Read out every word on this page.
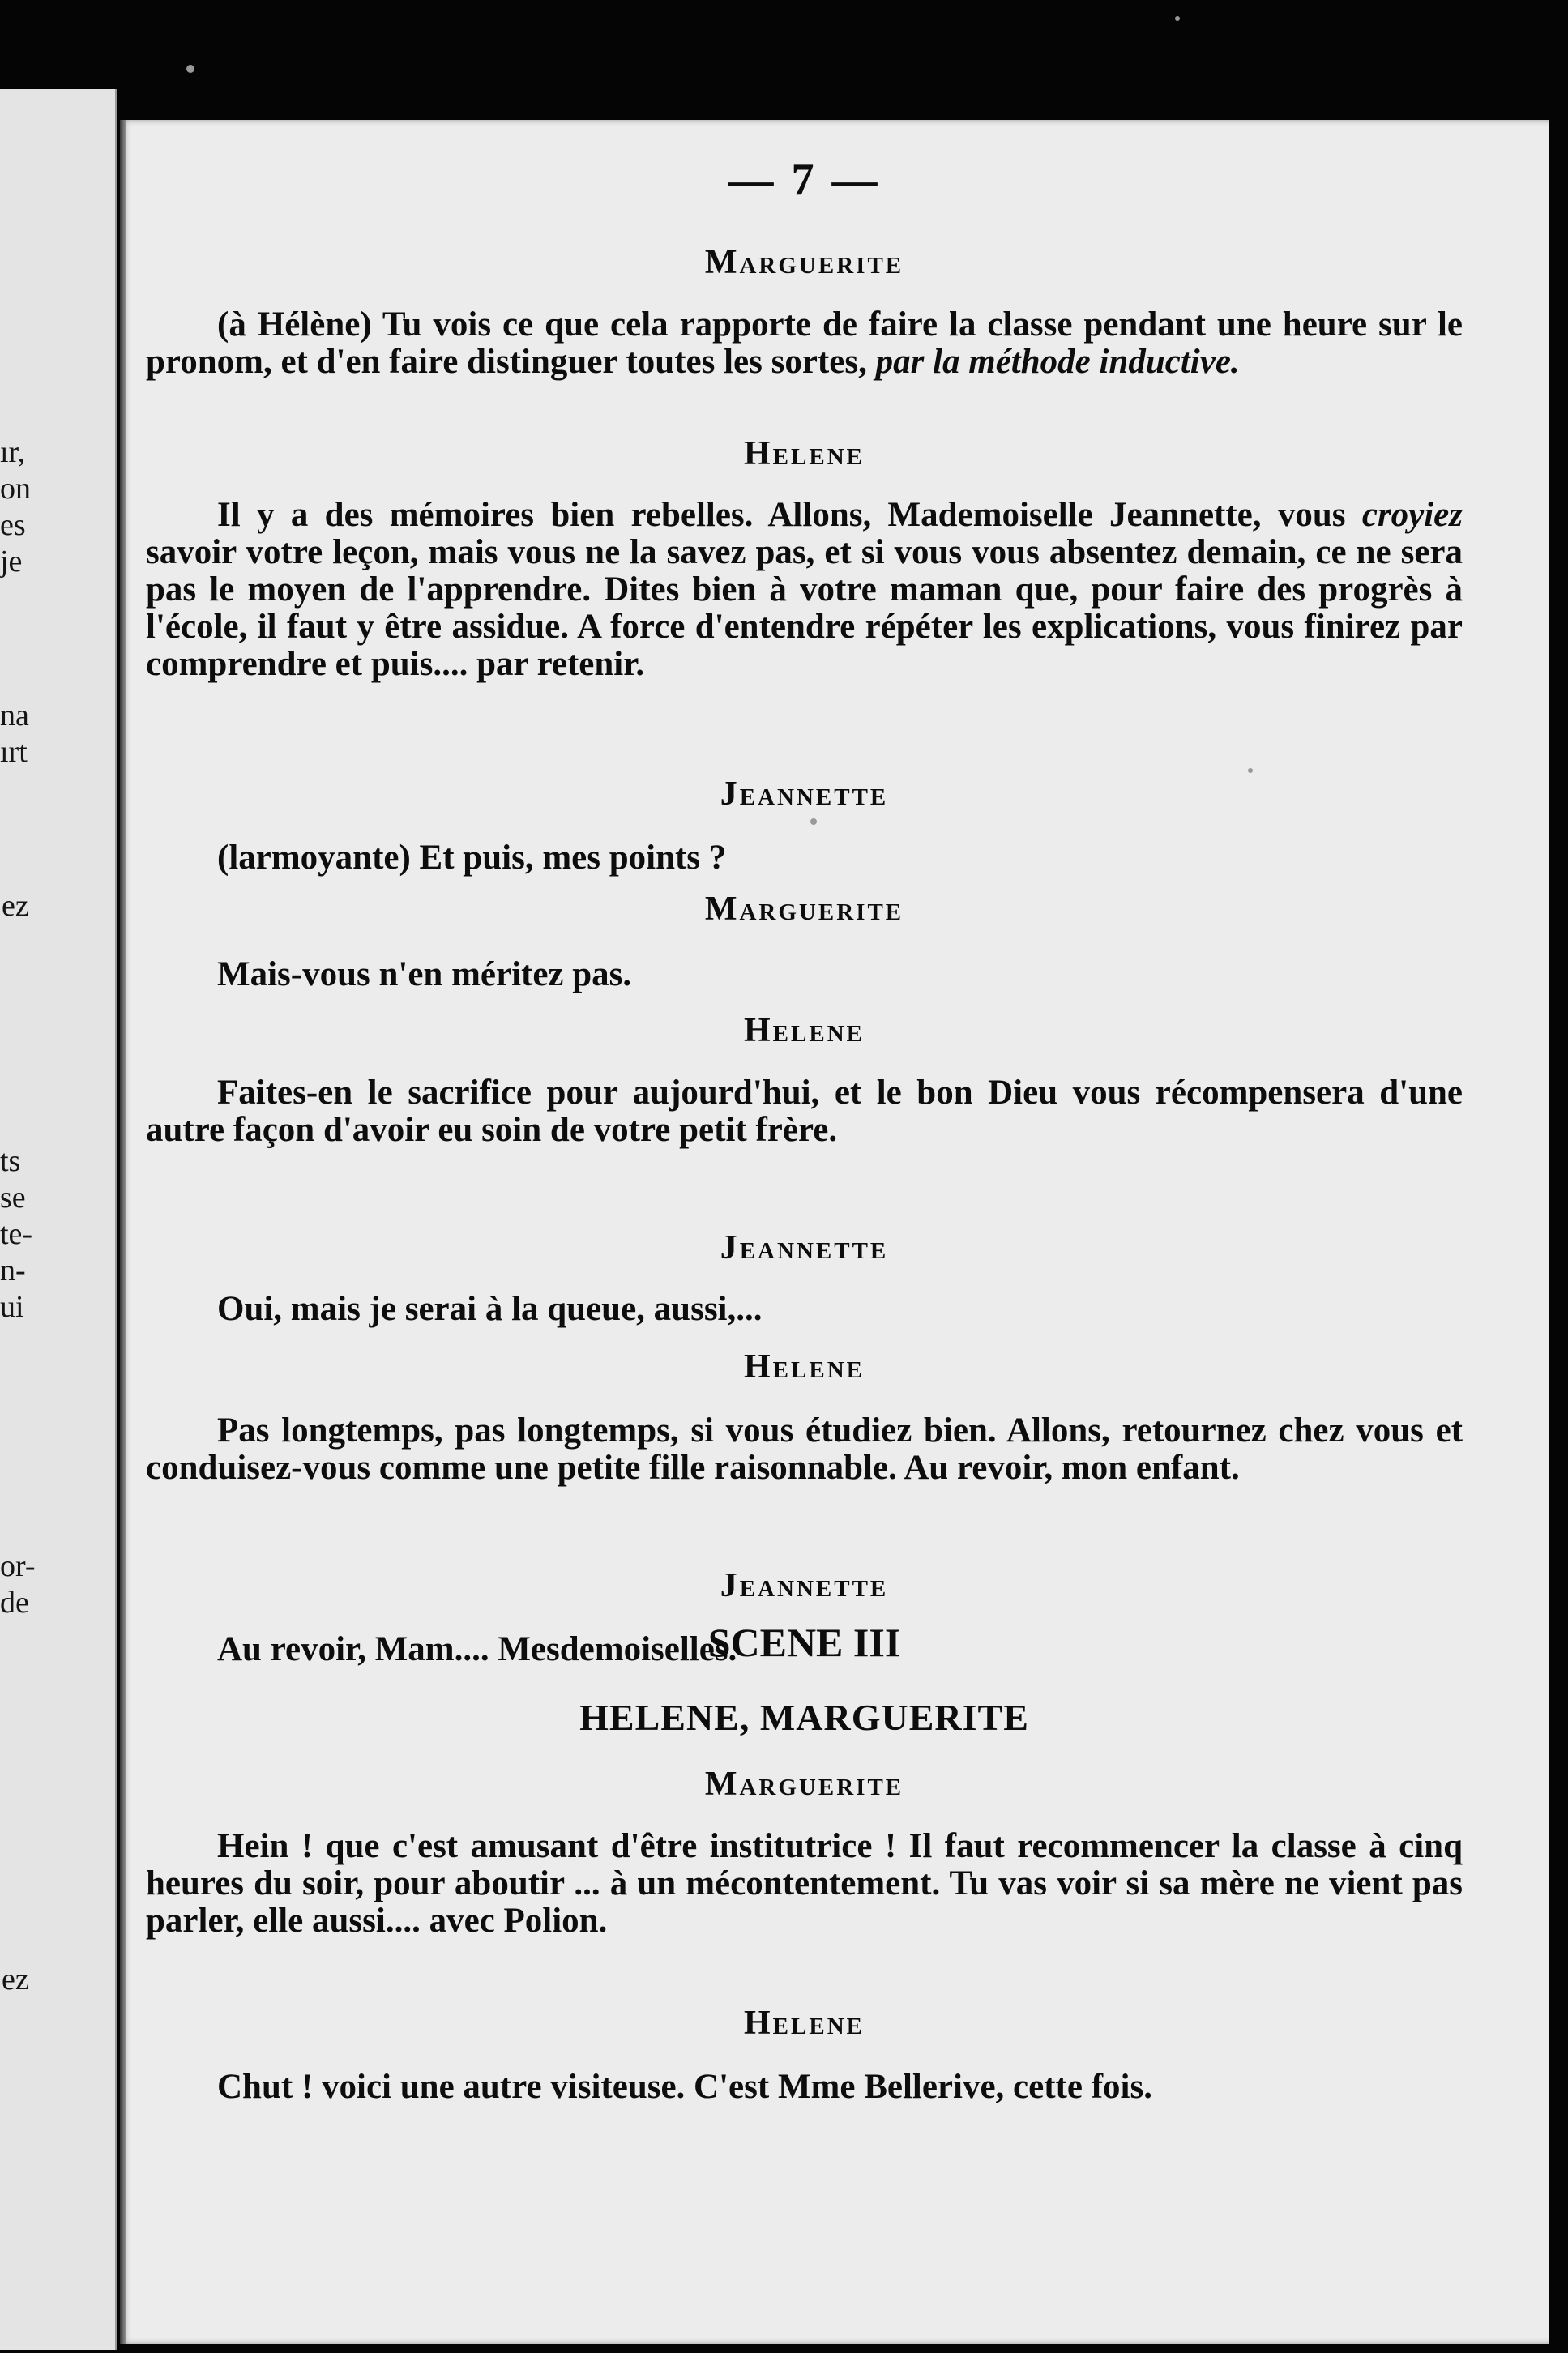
ır,

on

es

je

na

ırt

ez

ts

se

te-

n-

ui

or-

de

ez

— 7 —

Marguerite

(à Hélène) Tu vois ce que cela rapporte de faire la classe pendant une heure sur le pronom, et d'en faire distinguer toutes les sortes, par la méthode inductive.

Helene

Il y a des mémoires bien rebelles. Allons, Mademoiselle Jeannette, vous croyiez savoir votre leçon, mais vous ne la savez pas, et si vous vous absentez demain, ce ne sera pas le moyen de l'apprendre. Dites bien à votre maman que, pour faire des progrès à l'école, il faut y être assidue. A force d'entendre répéter les explications, vous finirez par comprendre et puis.... par retenir.

Jeannette

(larmoyante) Et puis, mes points ?

Marguerite

Mais-vous n'en méritez pas.

Helene

Faites-en le sacrifice pour aujourd'hui, et le bon Dieu vous récompensera d'une autre façon d'avoir eu soin de votre petit frère.

Jeannette

Oui, mais je serai à la queue, aussi,...

Helene

Pas longtemps, pas longtemps, si vous étudiez bien. Allons, retournez chez vous et conduisez-vous comme une petite fille raisonnable. Au revoir, mon enfant.

Jeannette

Au revoir, Mam.... Mesdemoiselles.

SCENE III

HELENE, MARGUERITE

Marguerite

Hein ! que c'est amusant d'être institutrice ! Il faut recommencer la classe à cinq heures du soir, pour aboutir ... à un mécontentement. Tu vas voir si sa mère ne vient pas parler, elle aussi.... avec Polion.

Helene

Chut ! voici une autre visiteuse. C'est Mme Bellerive, cette fois.
